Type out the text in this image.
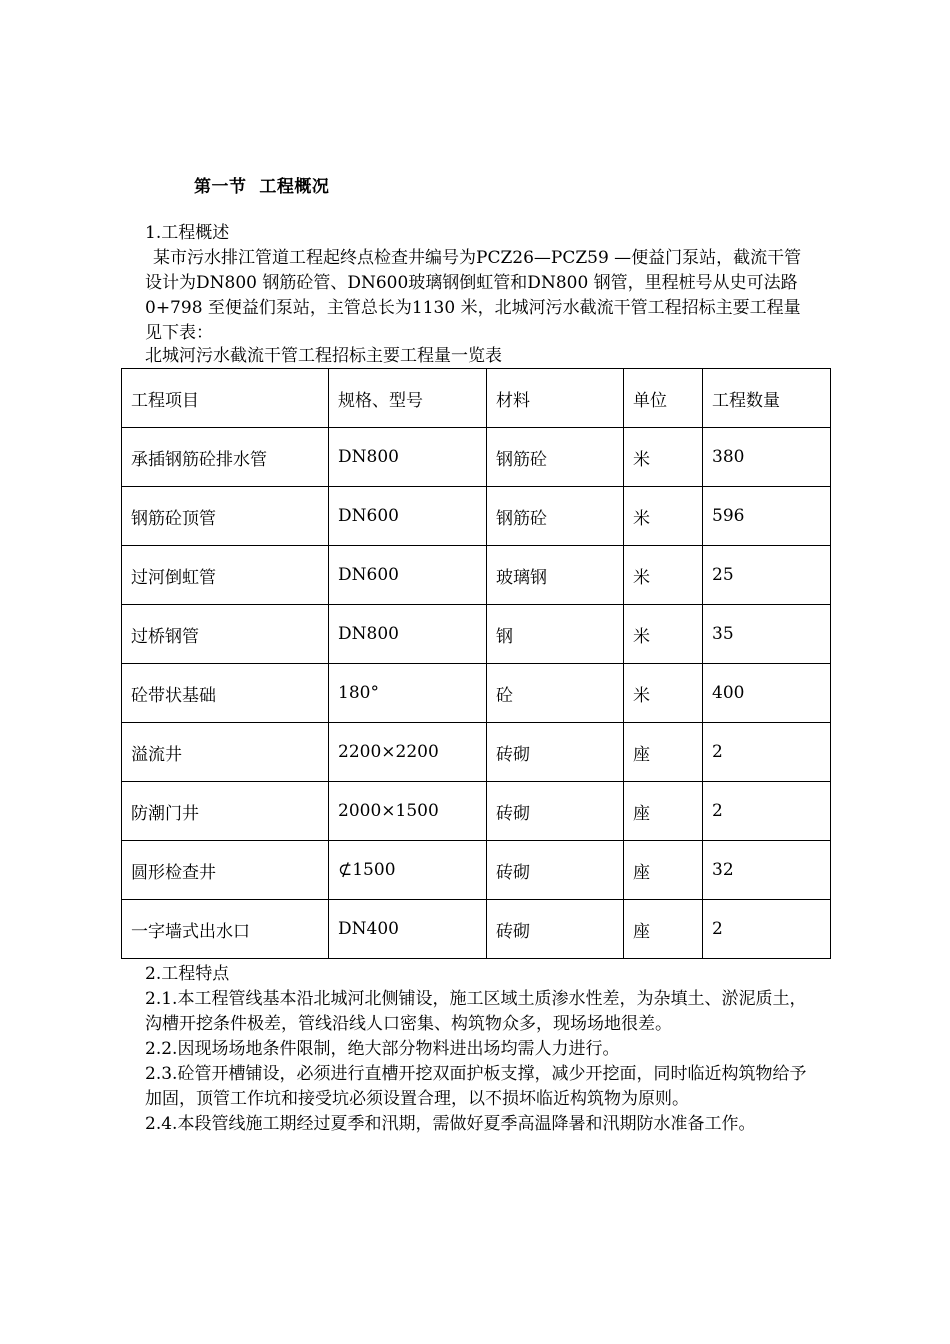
第一节  工程概况

1.工程概述

某市污水排江管道工程起终点检查井编号为PCZ26—PCZ59 —便益门泵站，截流干管设计为DN800 钢筋砼管、DN600玻璃钢倒虹管和DN800 钢管，里程桩号从史可法路0+798 至便益们泵站，主管总长为1130 米，北城河污水截流干管工程招标主要工程量见下表：

北城河污水截流干管工程招标主要工程量一览表
工程项目	规格、型号	材料	单位	工程数量
承插钢筋砼排水管	DN800	钢筋砼	米	380
钢筋砼顶管	DN600	钢筋砼	米	596
过河倒虹管	DN600	玻璃钢	米	25
过桥钢管	DN800	钢	米	35
砼带状基础	180°	砼	米	400
溢流井	2200×2200	砖砌	座	2
防潮门井	2000×1500	砖砌	座	2
圆形检查井	⊄1500	砖砌	座	32
一字墙式出水口	DN400	砖砌	座	2

2.工程特点

2.1.本工程管线基本沿北城河北侧铺设，施工区域土质渗水性差，为杂填土、淤泥质土，沟槽开挖条件极差，管线沿线人口密集、构筑物众多，现场场地很差。

2.2.因现场场地条件限制，绝大部分物料进出场均需人力进行。

2.3.砼管开槽铺设，必须进行直槽开挖双面护板支撑，减少开挖面，同时临近构筑物给予加固，顶管工作坑和接受坑必须设置合理，以不损坏临近构筑物为原则。

2.4.本段管线施工期经过夏季和汛期，需做好夏季高温降暑和汛期防水准备工作。
